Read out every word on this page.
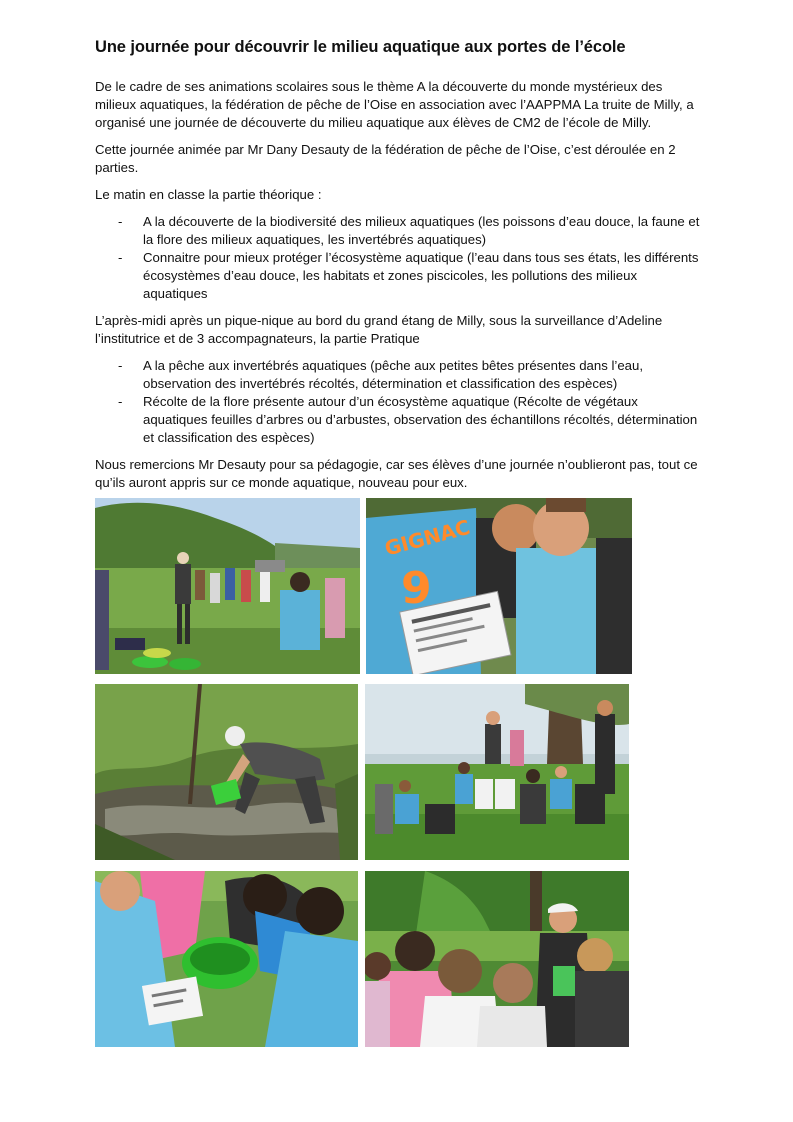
Une journée pour découvrir le milieu aquatique aux portes de l’école

De le cadre de ses animations scolaires sous le thème A la découverte du monde mystérieux des milieux aquatiques, la fédération de pêche de l’Oise en association avec l’AAPPMA La truite de Milly, a organisé une journée de découverte du milieu aquatique aux élèves de CM2 de l’école de Milly.

Cette journée animée par Mr Dany Desauty de la fédération de pêche de l’Oise, c’est déroulée en 2 parties.

Le matin en classe la partie théorique :

- A la découverte de la biodiversité des milieux aquatiques (les poissons d’eau douce, la faune et la flore des milieux aquatiques, les invertébrés aquatiques)
- Connaitre pour mieux protéger l’écosystème aquatique (l’eau dans tous ses états, les différents écosystèmes d’eau douce, les habitats et zones piscicoles, les pollutions des milieux aquatiques

L’après-midi après un pique-nique au bord du grand étang de Milly, sous la surveillance d’Adeline l’institutrice et de 3 accompagnateurs, la partie Pratique

- A la pêche aux invertébrés aquatiques (pêche aux petites bêtes présentes dans l’eau, observation des invertébrés récoltés, détermination et classification des espèces)
- Récolte de la flore présente autour d’un écosystème aquatique (Récolte de végétaux aquatiques feuilles d’arbres ou d’arbustes, observation des échantillons récoltés, détermination et classification des espèces)

Nous remercions Mr Desauty pour sa pédagogie, car ses élèves d’une journée n’oublieront pas, tout ce qu’ils auront appris sur ce monde aquatique, nouveau pour eux.

GIGNAC
9
